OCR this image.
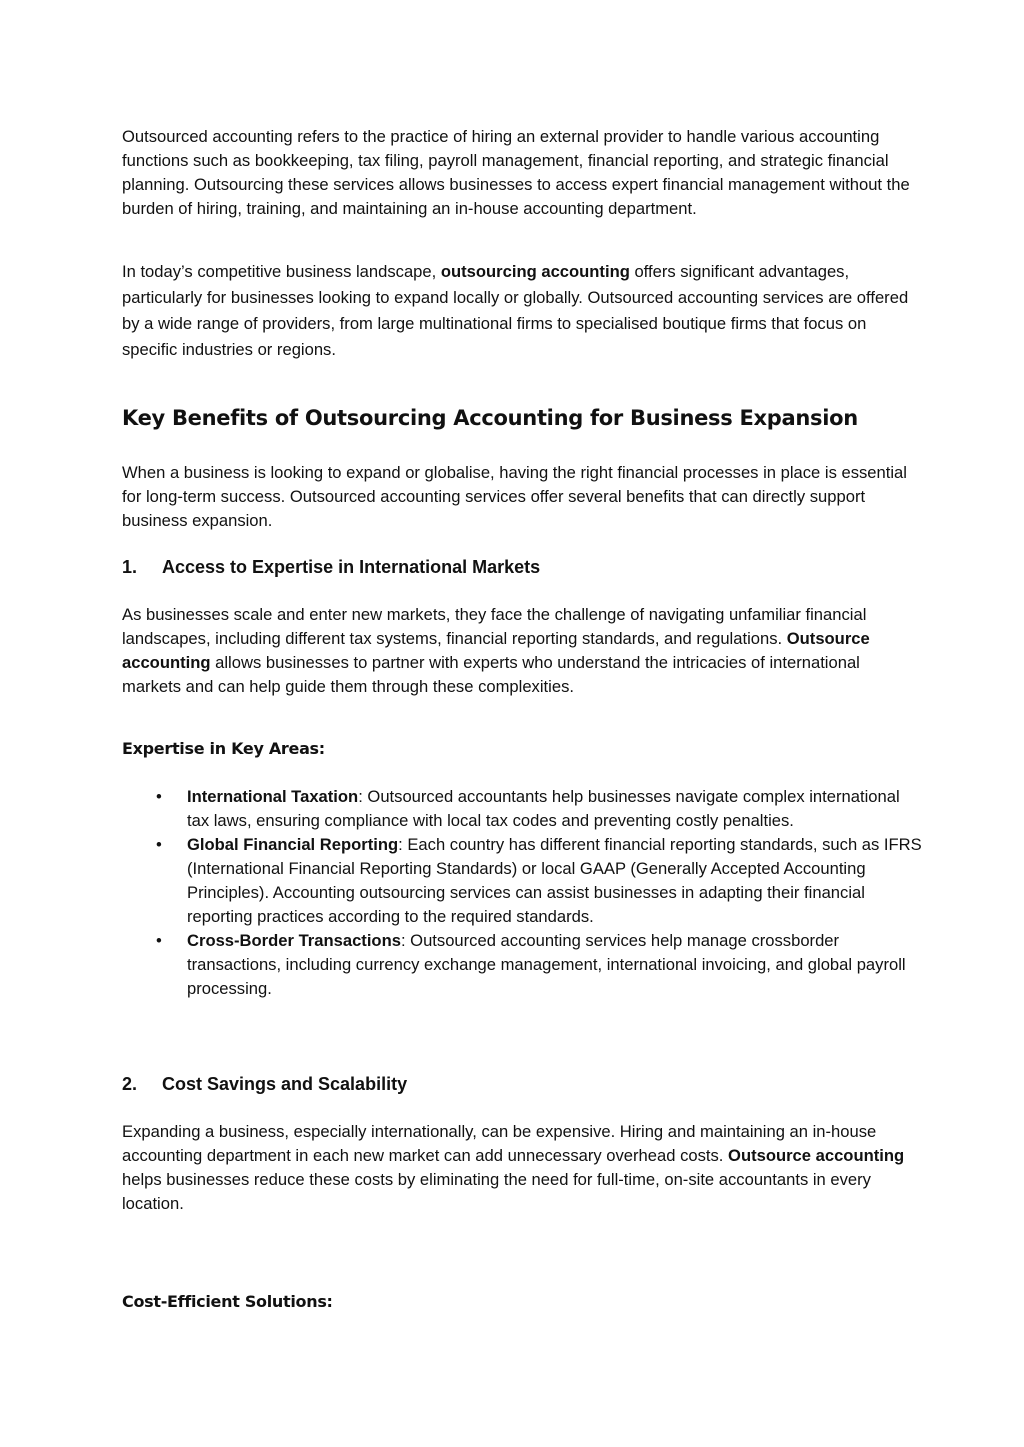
Outsourced accounting refers to the practice of hiring an external provider to handle various accounting functions such as bookkeeping, tax filing, payroll management, financial reporting, and strategic financial planning. Outsourcing these services allows businesses to access expert financial management without the burden of hiring, training, and maintaining an in-house accounting department.

In today’s competitive business landscape, outsourcing accounting offers significant advantages, particularly for businesses looking to expand locally or globally. Outsourced accounting services are offered by a wide range of providers, from large multinational firms to specialised boutique firms that focus on specific industries or regions.

Key Benefits of Outsourcing Accounting for Business Expansion

When a business is looking to expand or globalise, having the right financial processes in place is essential for long-term success. Outsourced accounting services offer several benefits that can directly support business expansion.

1. Access to Expertise in International Markets

As businesses scale and enter new markets, they face the challenge of navigating unfamiliar financial landscapes, including different tax systems, financial reporting standards, and regulations. Outsource accounting allows businesses to partner with experts who understand the intricacies of international markets and can help guide them through these complexities.

Expertise in Key Areas:
• International Taxation: Outsourced accountants help businesses navigate complex international tax laws, ensuring compliance with local tax codes and preventing costly penalties.
• Global Financial Reporting: Each country has different financial reporting standards, such as IFRS (International Financial Reporting Standards) or local GAAP (Generally Accepted Accounting Principles). Accounting outsourcing services can assist businesses in adapting their financial reporting practices according to the required standards.
• Cross-Border Transactions: Outsourced accounting services help manage crossborder transactions, including currency exchange management, international invoicing, and global payroll processing.
2. Cost Savings and Scalability

Expanding a business, especially internationally, can be expensive. Hiring and maintaining an in-house accounting department in each new market can add unnecessary overhead costs. Outsource accounting helps businesses reduce these costs by eliminating the need for full-time, on-site accountants in every location.

Cost-Efficient Solutions:
